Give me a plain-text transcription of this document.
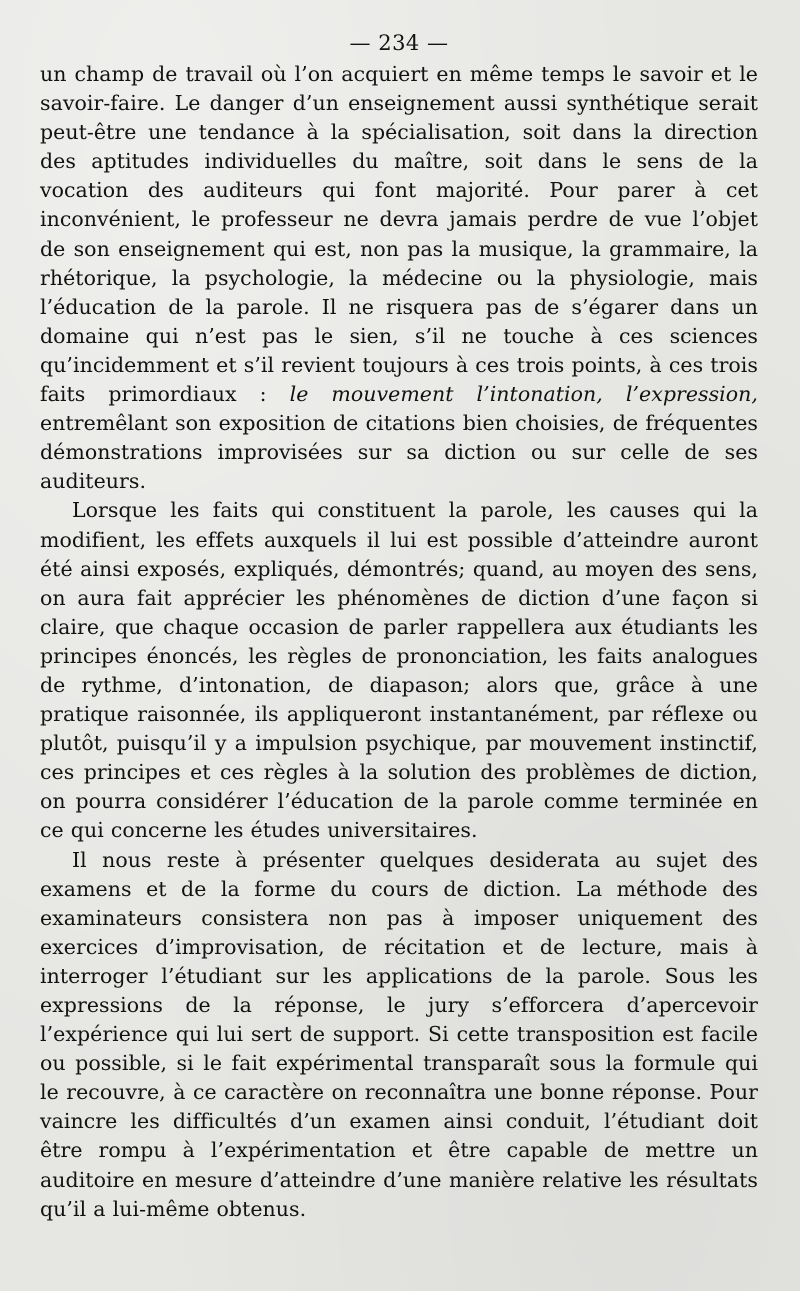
— 234 —

un champ de travail où l’on acquiert en même temps le savoir et le savoir-faire. Le danger d’un enseignement aussi synthétique serait peut-être une tendance à la spécialisation, soit dans la direction des aptitudes individuelles du maître, soit dans le sens de la vocation des auditeurs qui font majorité. Pour parer à cet inconvénient, le professeur ne devra jamais perdre de vue l’objet de son enseignement qui est, non pas la musique, la grammaire, la rhétorique, la psychologie, la médecine ou la physiologie, mais l’éducation de la parole. Il ne risquera pas de s’égarer dans un domaine qui n’est pas le sien, s’il ne touche à ces sciences qu’incidemment et s’il revient toujours à ces trois points, à ces trois faits primordiaux : le mouvement l’intonation, l’expression, entremêlant son exposition de citations bien choisies, de fréquentes démonstrations improvisées sur sa diction ou sur celle de ses auditeurs.

Lorsque les faits qui constituent la parole, les causes qui la modifient, les effets auxquels il lui est possible d’atteindre auront été ainsi exposés, expliqués, démontrés; quand, au moyen des sens, on aura fait apprécier les phénomènes de diction d’une façon si claire, que chaque occasion de parler rappellera aux étudiants les principes énoncés, les règles de prononciation, les faits analogues de rythme, d’intonation, de diapason; alors que, grâce à une pratique raisonnée, ils appliqueront instantanément, par réflexe ou plutôt, puisqu’il y a impulsion psychique, par mouvement instinctif, ces principes et ces règles à la solution des problèmes de diction, on pourra considérer l’éducation de la parole comme terminée en ce qui concerne les études universitaires.

Il nous reste à présenter quelques desiderata au sujet des examens et de la forme du cours de diction. La méthode des examinateurs consistera non pas à imposer uniquement des exercices d’improvisation, de récitation et de lecture, mais à interroger l’étudiant sur les applications de la parole. Sous les expressions de la réponse, le jury s’efforcera d’apercevoir l’expérience qui lui sert de support. Si cette transposition est facile ou possible, si le fait expérimental transparaît sous la formule qui le recouvre, à ce caractère on reconnaîtra une bonne réponse. Pour vaincre les difficultés d’un examen ainsi conduit, l’étudiant doit être rompu à l’expérimentation et être capable de mettre un auditoire en mesure d’atteindre d’une manière relative les résultats qu’il a lui-même obtenus.
